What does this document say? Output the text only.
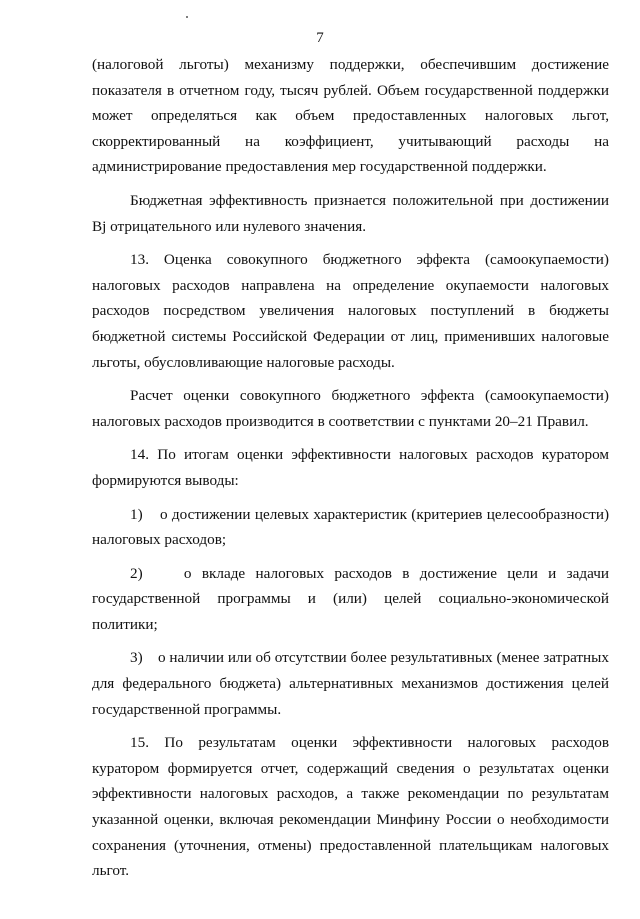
7

(налоговой льготы) механизму поддержки, обеспечившим достижение показателя в отчетном году, тысяч рублей. Объем государственной поддержки может определяться как объем предоставленных налоговых льгот, скорректированный на коэффициент, учитывающий расходы на администрирование предоставления мер государственной поддержки.

Бюджетная эффективность признается положительной при достижении Вj отрицательного или нулевого значения.

13. Оценка совокупного бюджетного эффекта (самоокупаемости) налоговых расходов направлена на определение окупаемости налоговых расходов посредством увеличения налоговых поступлений в бюджеты бюджетной системы Российской Федерации от лиц, применивших налоговые льготы, обусловливающие налоговые расходы.

Расчет оценки совокупного бюджетного эффекта (самоокупаемости) налоговых расходов производится в соответствии с пунктами 20–21 Правил.

14. По итогам оценки эффективности налоговых расходов куратором формируются выводы:

1)    о достижении целевых характеристик (критериев целесообразности) налоговых расходов;

2)    о вкладе налоговых расходов в достижение цели и задачи государственной программы и (или) целей социально-экономической политики;

3)    о наличии или об отсутствии более результативных (менее затратных для федерального бюджета) альтернативных механизмов достижения целей государственной программы.

15. По результатам оценки эффективности налоговых расходов куратором формируется отчет, содержащий сведения о результатах оценки эффективности налоговых расходов, а также рекомендации по результатам указанной оценки, включая рекомендации Минфину России о необходимости сохранения (уточнения, отмены) предоставленной плательщикам налоговых льгот.
